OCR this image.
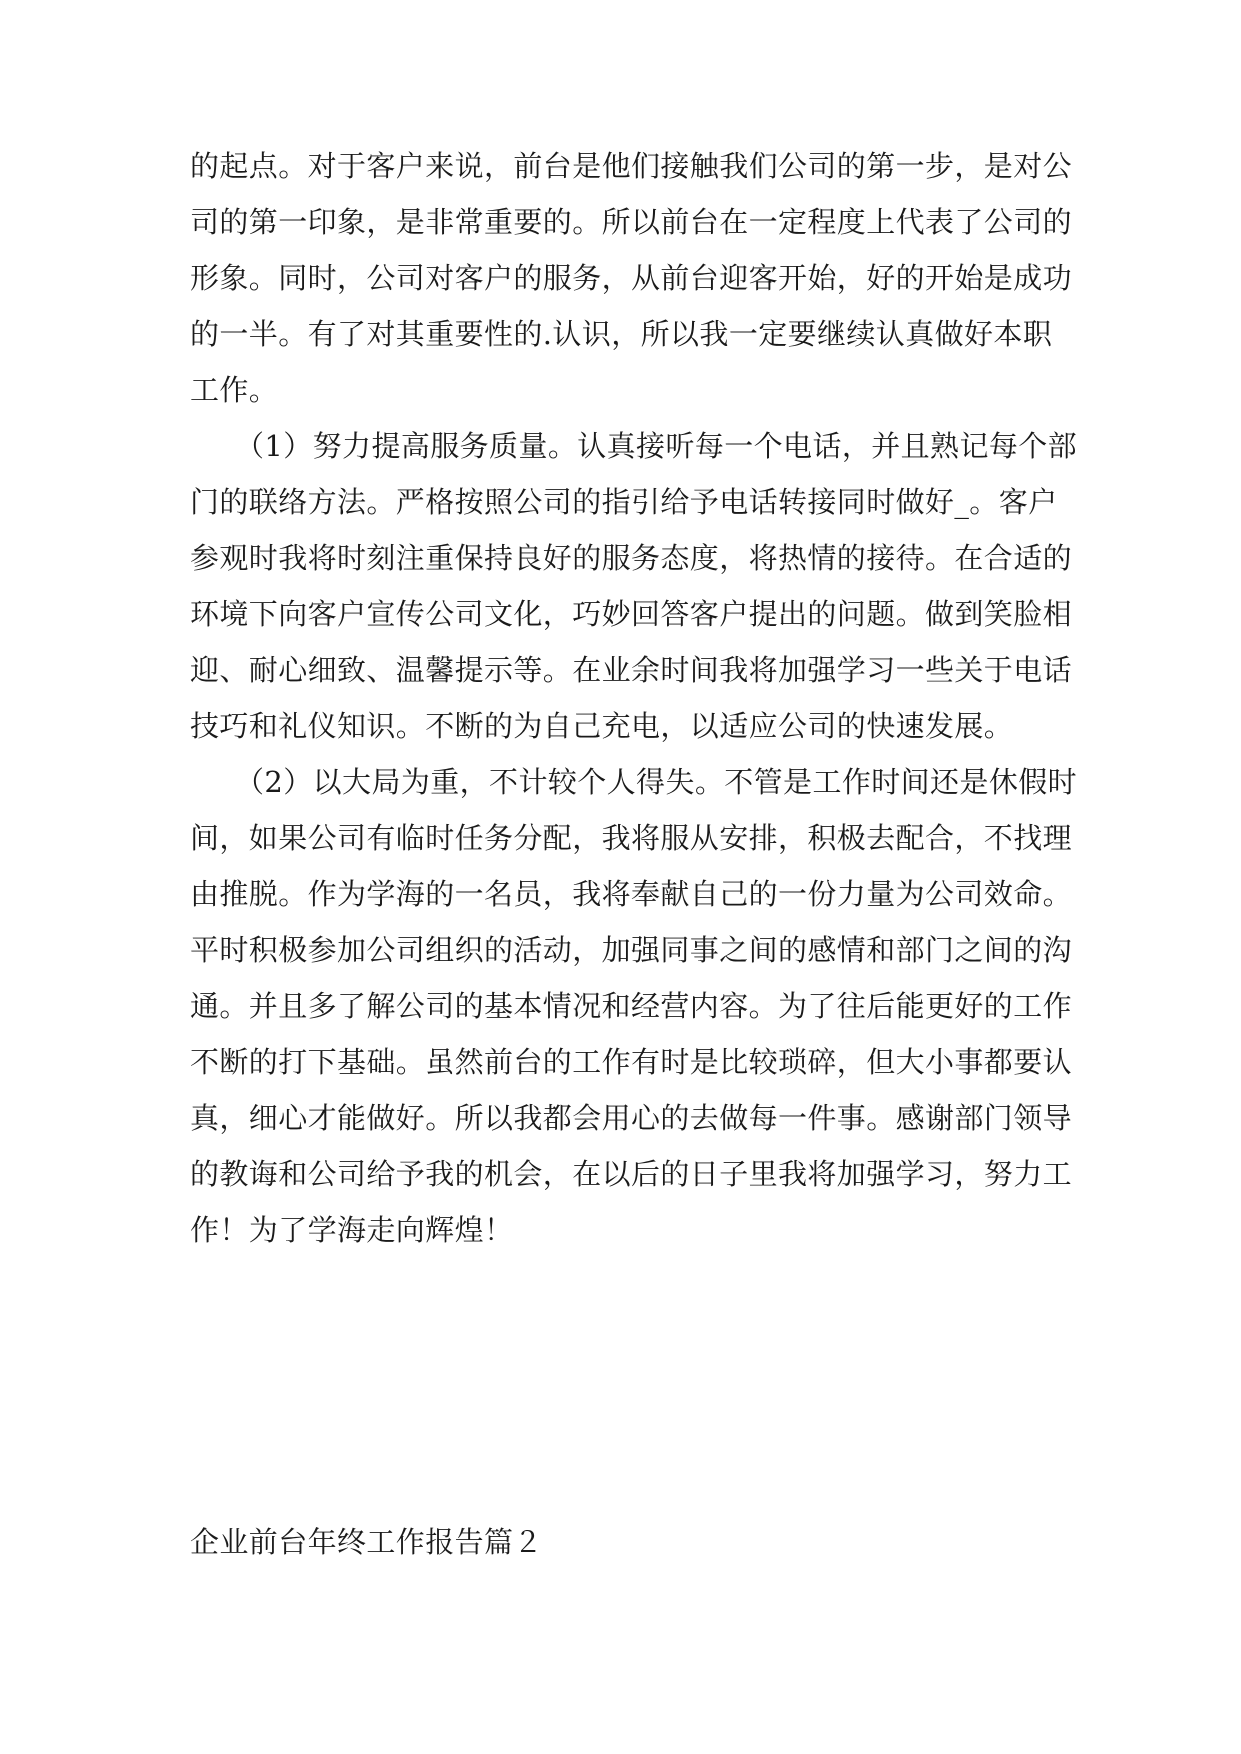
的起点。对于客户来说，前台是他们接触我们公司的第一步，是对公
司的第一印象，是非常重要的。所以前台在一定程度上代表了公司的
形象。同时，公司对客户的服务，从前台迎客开始，好的开始是成功
的一半。有了对其重要性的.认识，所以我一定要继续认真做好本职
工作。
（1）努力提高服务质量。认真接听每一个电话，并且熟记每个部
门的联络方法。严格按照公司的指引给予电话转接同时做好_。客户
参观时我将时刻注重保持良好的服务态度，将热情的接待。在合适的
环境下向客户宣传公司文化，巧妙回答客户提出的问题。做到笑脸相
迎、耐心细致、温馨提示等。在业余时间我将加强学习一些关于电话
技巧和礼仪知识。不断的为自己充电，以适应公司的快速发展。
（2）以大局为重，不计较个人得失。不管是工作时间还是休假时
间，如果公司有临时任务分配，我将服从安排，积极去配合，不找理
由推脱。作为学海的一名员，我将奉献自己的一份力量为公司效命。
平时积极参加公司组织的活动，加强同事之间的感情和部门之间的沟
通。并且多了解公司的基本情况和经营内容。为了往后能更好的工作
不断的打下基础。虽然前台的工作有时是比较琐碎，但大小事都要认
真，细心才能做好。所以我都会用心的去做每一件事。感谢部门领导
的教诲和公司给予我的机会，在以后的日子里我将加强学习，努力工
作！为了学海走向辉煌！
企业前台年终工作报告篇２
